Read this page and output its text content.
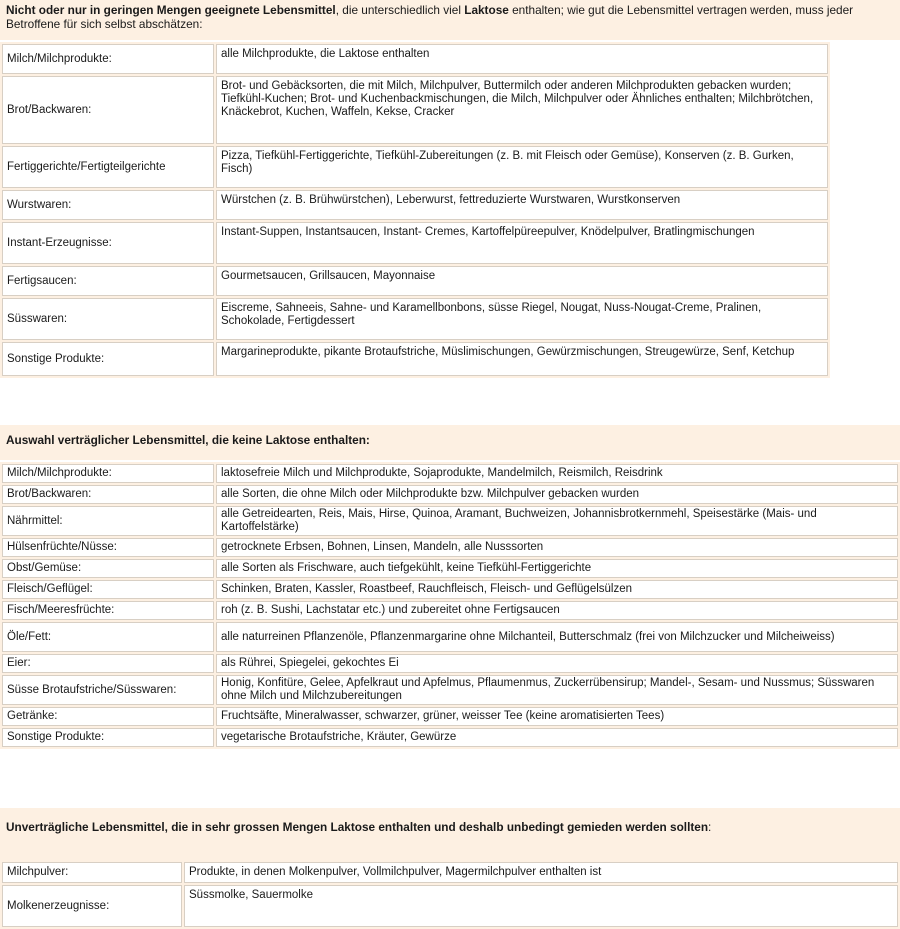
Nicht oder nur in geringen Mengen geeignete Lebensmittel, die unterschiedlich viel Laktose enthalten; wie gut die Lebensmittel vertragen werden, muss jeder Betroffene für sich selbst abschätzen:
Milch/Milchprodukte:	alle Milchprodukte, die Laktose enthalten
Brot/Backwaren:	Brot- und Gebäcksorten, die mit Milch, Milchpulver, Buttermilch oder anderen Milchprodukten gebacken wurden; Tiefkühl-Kuchen; Brot- und Kuchenbackmischungen, die Milch, Milchpulver oder Ähnliches enthalten; Milchbrötchen, Knäckebrot, Kuchen, Waffeln, Kekse, Cracker
Fertiggerichte/Fertigteilgerichte	Pizza, Tiefkühl-Fertiggerichte, Tiefkühl-Zubereitungen (z. B. mit Fleisch oder Gemüse), Konserven (z. B. Gurken, Fisch)
Wurstwaren:	Würstchen (z. B. Brühwürstchen), Leberwurst, fettreduzierte Wurstwaren, Wurstkonserven
Instant-Erzeugnisse:	Instant-Suppen, Instantsaucen, Instant- Cremes, Kartoffelpüreepulver, Knödelpulver, Bratlingmischungen
Fertigsaucen:	Gourmetsaucen, Grillsaucen, Mayonnaise
Süsswaren:	Eiscreme, Sahneeis, Sahne- und Karamellbonbons, süsse Riegel, Nougat, Nuss-Nougat-Creme, Pralinen, Schokolade, Fertigdessert
Sonstige Produkte:	Margarineprodukte, pikante Brotaufstriche, Müslimischungen, Gewürzmischungen, Streugewürze, Senf, Ketchup
Auswahl verträglicher Lebensmittel, die keine Laktose enthalten:
Milch/Milchprodukte:	laktosefreie Milch und Milchprodukte, Sojaprodukte, Mandelmilch, Reismilch, Reisdrink
Brot/Backwaren:	alle Sorten, die ohne Milch oder Milchprodukte bzw. Milchpulver gebacken wurden
Nährmittel:	alle Getreidearten, Reis, Mais, Hirse, Quinoa, Aramant, Buchweizen, Johannisbrotkernmehl, Speisestärke (Mais- und Kartoffelstärke)
Hülsenfrüchte/Nüsse:	getrocknete Erbsen, Bohnen, Linsen, Mandeln, alle Nusssorten
Obst/Gemüse:	alle Sorten als Frischware, auch tiefgekühlt, keine Tiefkühl-Fertiggerichte
Fleisch/Geflügel:	Schinken, Braten, Kassler, Roastbeef, Rauchfleisch, Fleisch- und Geflügelsülzen
Fisch/Meeresfrüchte:	roh (z. B. Sushi, Lachstatar etc.) und zubereitet ohne Fertigsaucen
Öle/Fett:	alle naturreinen Pflanzenöle, Pflanzenmargarine ohne Milchanteil, Butterschmalz (frei von Milchzucker und Milcheiweiss)
Eier:	als Rührei, Spiegelei, gekochtes Ei
Süsse Brotaufstriche/Süsswaren:	Honig, Konfitüre, Gelee, Apfelkraut und Apfelmus, Pflaumenmus, Zuckerrübensirup; Mandel-, Sesam- und Nussmus; Süsswaren ohne Milch und Milchzubereitungen
Getränke:	Fruchtsäfte, Mineralwasser, schwarzer, grüner, weisser Tee (keine aromatisierten Tees)
Sonstige Produkte:	vegetarische Brotaufstriche, Kräuter, Gewürze
Unverträgliche Lebensmittel, die in sehr grossen Mengen Laktose enthalten und deshalb unbedingt gemieden werden sollten:
Milchpulver:	Produkte, in denen Molkenpulver, Vollmilchpulver, Magermilchpulver enthalten ist
Molkenerzeugnisse:	Süssmolke, Sauermolke
